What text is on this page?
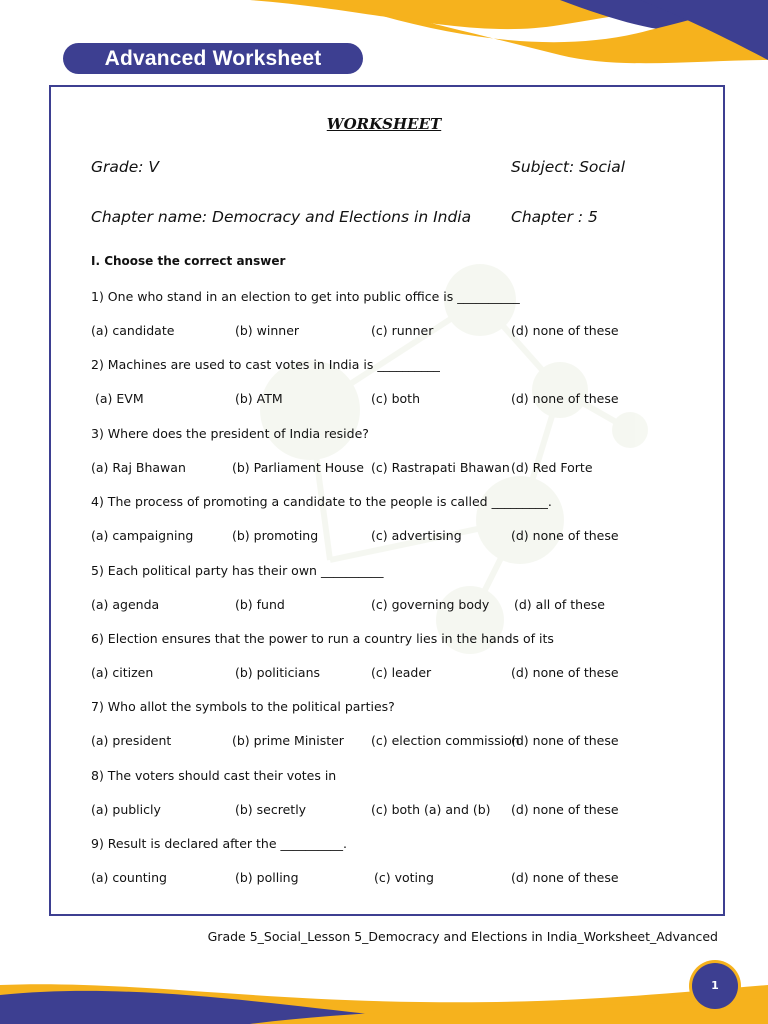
Advanced Worksheet
WORKSHEET
Grade: V	Subject: Social
Chapter name: Democracy and Elections in India	Chapter : 5
I. Choose the correct answer
1) One who stand in an election to get into public office is __________
(a) candidate	(b) winner	(c) runner	(d) none of these
2) Machines are used to cast votes in India is __________
(a) EVM	(b) ATM	(c) both	(d) none of these
3) Where does the president of India reside?
(a) Raj Bhawan	(b) Parliament House (c) Rastrapati Bhawan (d) Red Forte
4) The process of promoting a candidate to the people is called _________.
(a) campaigning	(b) promoting	(c) advertising	(d) none of these
5) Each political party has their own __________
(a) agenda	(b) fund	(c) governing body (d) all of these
6) Election ensures that the power to run a country lies in the hands of its
(a) citizen	(b) politicians	(c) leader	(d) none of these
7) Who allot the symbols to the political parties?
(a) president	(b) prime Minister (c) election commission
(d) none of these
8) The voters should cast their votes in
(a) publicly	(b) secretly	(c) both (a) and (b) (d) none of these
9) Result is declared after the __________.
(a) counting	(b) polling	(c) voting	(d) none of these
Grade 5_Social_Lesson 5_Democracy and Elections in India_Worksheet_Advanced
1
